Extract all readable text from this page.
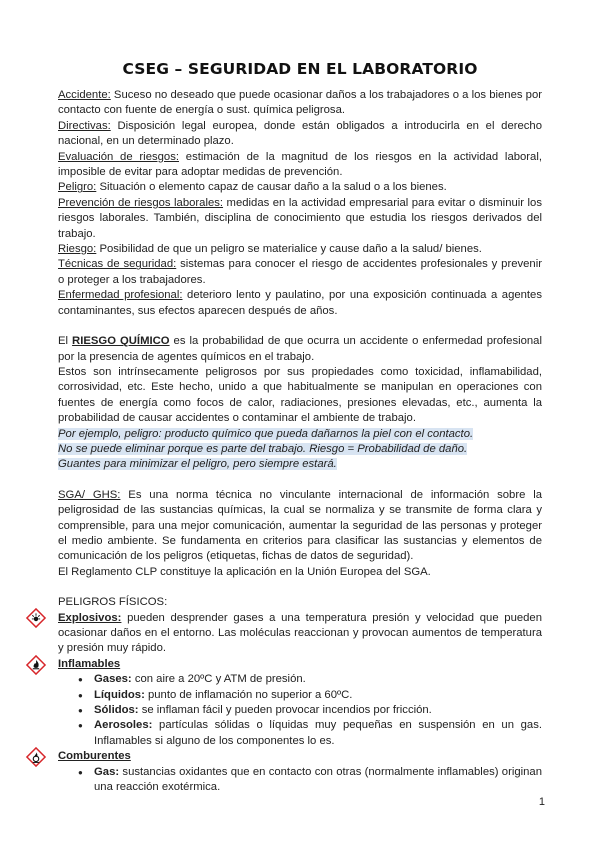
CSEG – SEGURIDAD EN EL LABORATORIO

Accidente: Suceso no deseado que puede ocasionar daños a los trabajadores o a los bienes por contacto con fuente de energía o sust. química peligrosa.

Directivas: Disposición legal europea, donde están obligados a introducirla en el derecho nacional, en un determinado plazo.

Evaluación de riesgos: estimación de la magnitud de los riesgos en la actividad laboral, imposible de evitar para adoptar medidas de prevención.

Peligro: Situación o elemento capaz de causar daño a la salud o a los bienes.

Prevención de riesgos laborales: medidas en la actividad empresarial para evitar o disminuir los riesgos laborales. También, disciplina de conocimiento que estudia los riesgos derivados del trabajo.

Riesgo: Posibilidad de que un peligro se materialice y cause daño a la salud/ bienes.

Técnicas de seguridad: sistemas para conocer el riesgo de accidentes profesionales y prevenir o proteger a los trabajadores.

Enfermedad profesional: deterioro lento y paulatino, por una exposición continuada a agentes contaminantes, sus efectos aparecen después de años.

El RIESGO QUÍMICO es la probabilidad de que ocurra un accidente o enfermedad profesional por la presencia de agentes químicos en el trabajo.

Estos son intrínsecamente peligrosos por sus propiedades como toxicidad, inflamabilidad, corrosividad, etc. Este hecho, unido a que habitualmente se manipulan en operaciones con fuentes de energía como focos de calor, radiaciones, presiones elevadas, etc., aumenta la probabilidad de causar accidentes o contaminar el ambiente de trabajo.

Por ejemplo, peligro: producto químico que pueda dañarnos la piel con el contacto.

No se puede eliminar porque es parte del trabajo. Riesgo = Probabilidad de daño.

Guantes para minimizar el peligro, pero siempre estará.

SGA/ GHS: Es una norma técnica no vinculante internacional de información sobre la peligrosidad de las sustancias químicas, la cual se normaliza y se transmite de forma clara y comprensible, para una mejor comunicación, aumentar la seguridad de las personas y proteger el medio ambiente. Se fundamenta en criterios para clasificar las sustancias y elementos de comunicación de los peligros (etiquetas, fichas de datos de seguridad).

El Reglamento CLP constituye la aplicación en la Unión Europea del SGA.

PELIGROS FÍSICOS:

Explosivos: pueden desprender gases a una temperatura presión y velocidad que pueden ocasionar daños en el entorno. Las moléculas reaccionan y provocan aumentos de temperatura y presión muy rápido.

Inflamables

● Gases: con aire a 20ºC y ATM de presión.

● Líquidos: punto de inflamación no superior a 60ºC.

● Sólidos: se inflaman fácil y pueden provocar incendios por fricción.

● Aerosoles: partículas sólidas o líquidas muy pequeñas en suspensión en un gas. Inflamables si alguno de los componentes lo es.

Comburentes

● Gas: sustancias oxidantes que en contacto con otras (normalmente inflamables) originan una reacción exotérmica.

1
